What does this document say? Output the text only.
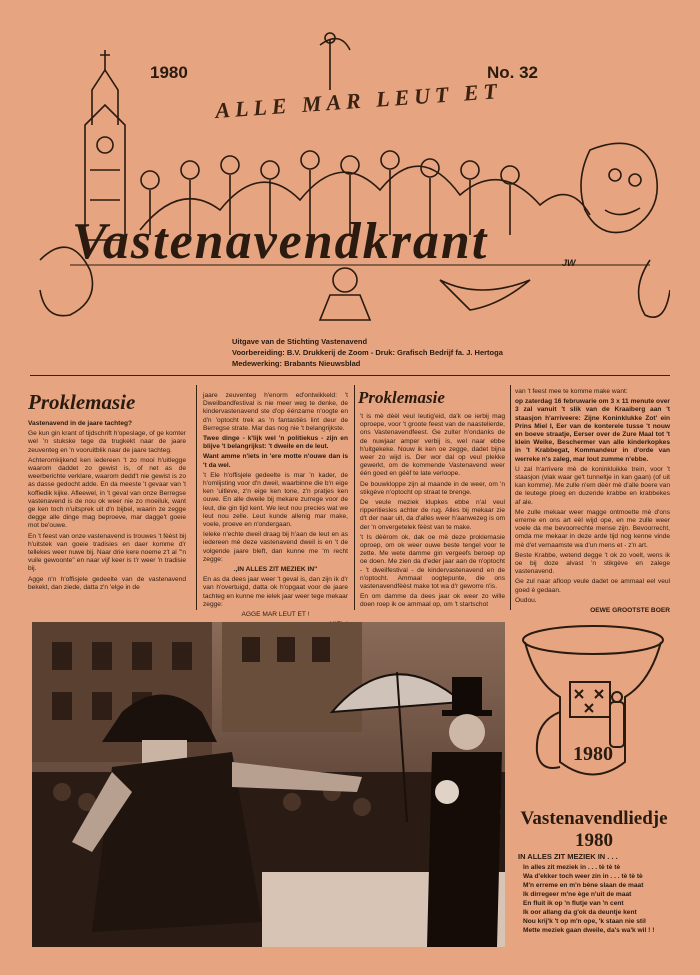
1980	No. 32
ALLE MAR LEUT ET
Vastenavendkrant	JW
Uitgave van de Stichting Vastenavend
Voorbereiding: B.V. Drukkerij de Zoom - Druk: Grafisch Bedrijf fa. J. Hertoga
Medewerking: Brabants Nieuwsblad
Proklemasie

Vastenavend in de jaare tachteg?

Ge kun gin krant of tijdschrift h'opeslage, of ge komter wel 'n stukske tege da trugkekt naar de jaare zeuventeg en 'n vooruitblik naar de jaare tachteg.

Achteromkijkend ken iedereen 't zo mooi h'uitlegge waarom daddet zo gewist is, of net as de weerberichte verklare, waarom dedd't nie gewist is zo as dasse gedocht adde. En da meeste 't gevaar van 't koffiedik kijke. Afleewel, in 't geval van onze Berregse vastenavend is de nou ok weer nie zo moeiluk, want ge ken toch n'uitsprek uit d'n bijbel, waarin ze zegge degge alle dinge mag beproeve, mar dagge't goeie mot be'ouwe.

En 't feest van onze vastenavend is trouwes 't fèèst bij h'uitstek van goeie tradisies en daer komme d'r tellekes weer nuwe bij. Naar drie kere noeme z't al "'n vuile gewoonte" en naar vijf keer is t'r weer 'n tradisie bij.

Agge n'n h'offisjele gedeelte van de vastenavend bekekt, dan ziede, datta z'n 'elge in de

jaare zeuventeg h'enorm ed'ontwikkeld: 't Dweilbandfestival is nie meer weg te denke, de kindervastenavend ste d'op éénzame n'oogte en d'n 'optocht trek as 'n fantastiès lint deur de Berregse strate. Mar das nog nie 't belangrijkste.

Twee dinge - k'lijk wel 'n politiekus - zijn en blijve 't belangrijkst: 't dweile en de leut.

Want amme n'iets in 'ere motte n'ouwe dan is 't da wel.

't Ele h'offisjele gedeelte is mar 'n kader, de h'omlijsting voor d'n dweil, waarbinne die b'n eige ken 'uitleve, z'n eige ken tone, z'n pratjes ken ouwe. En alle dweile bij mekare zurrege voor de leut, die gin tijd kent. We leut nou precies wat we leut nou zelle. Leut kunde allenig mar make, voele, proeve en n'ondergaan.

Ieleke n'echte dweil draag bij h'aan de leut en as iedereen mè deze vastenavend dweil is en 't de volgende jaare bleft, dan kunne me 'm recht zegge:

.,IN ALLES ZIT MEZIEK IN"

En as da dees jaar weer 't geval is, dan zijn ik d'r van h'overtuigd, datta ok h'opgaat voor de jaare tachteg en kunne me ielek jaar weer tege mekaar zegge:

AGGE MAR LEUT ET !

Proklemasie

't is mè dèèl veul leutig'eid, da'k oe ierbij mag oproepe, voor 't groote feest van de naastelierde, ons Vastenavendfeest. Ge zulter h'ondanks de de nuwjaar amper verbij is, wel naar ebbe h'uitgekeke. Nouw ik ken oe zegge, dadet bijna weer zo wijd is. Der wor dal op veul plekke gewerkt, om de kommende Vastenavend weer één goed en géèf te late verloope.

De bouwkloppe zijn al maande in de weer, om 'n stikgève n'optocht op straat te brenge.

De veule meziek klupkes ebbe n'al veul ripperitiesles achter de rug. Alles bij mekaar zie d't der naar uit, da d'alles weer h'aanwezeg is om der 'n onvergetelek fèèst van te make.

't Is dèèrom ok, dak oe mè deze proklemasie oproep, om ok weer ouwe beste tengel voor te zette. Me wete damme gin vergeefs beroep op oe doen. Me zien da d'eder jaar aan de n'optocht - 't dweilfestival - de kindervastenavend en de n'optocht. Ammaal oogtepunte, die ons vastenavendfèèst make tot wa d'r geworre n'is.

En om damme da dees jaar ok weer zo wille doen roep ik oe ammaal op, om 't startschot

van 't feest mee te komme make want:

op zaterdag 16 februwarie om 3 x 11 menute over 3 zal vanuit 't slik van de Kraaiberg aan 't staasjon h'arriveere: Zijne Koninklukke Zot' ein Prins Miel I, Eer van de konterele tusse 't nouw en boeve straatje, Eerser over de Zure Maal tot 't klein Weike, Beschermer van alle kinderkopkes in 't Krabbegat, Kommandeur in d'orde van werreke n's zaleg, mar lout zumme n'ebbe.

U zal h'arrivere mè de koninkluikke trein, voor 't staasjon (vlak waar ge't tunneltje in kan gaan) (of uit kan komme). Me zulle n'em dèèr mè d'alle boere van de leutege ploeg en duzende krabbe en krabbekes af ale.

Me zulle mekaar weer magge ontmoette mè d'ons erreme en ons art eèl wijd ope, en me zulle weer voele da me bevoorrechte mense zijn. Bevoorrecht, omda me mekaar in deze arde tijd nog kenne vinde mè d'et vernaamste wa d'un mens et - z'n art.

Beste Krabbe, wetend degge 't ok zo voelt, wens ik oe bij doze alvast 'n stikgève en zalege vastenavend.

Ge zul naar afloop veule dadet oe ammaal eel veul goed è gedaan.

Oudou.

OEWE GROOTSTE BOER

1980
Vastenavendliedje
1980
IN ALLES ZIT MEZIEK IN . . .
In alles zit meziek in . . . tè tè tè
Wa d'ekker toch weer zin in . . . tè tè tè
M'n erreme en m'n bène slaan de maat
Ik dirregeer m'ne ège n'uit de maat
En fluit ik op 'n flutje van 'n cent
Ik oor allang da g'ok da deuntje kent
Nou krij'k 't op m'n ope, 'k staan nie stil
Mette meziek gaan dweile, da's wa'k wil ! !
